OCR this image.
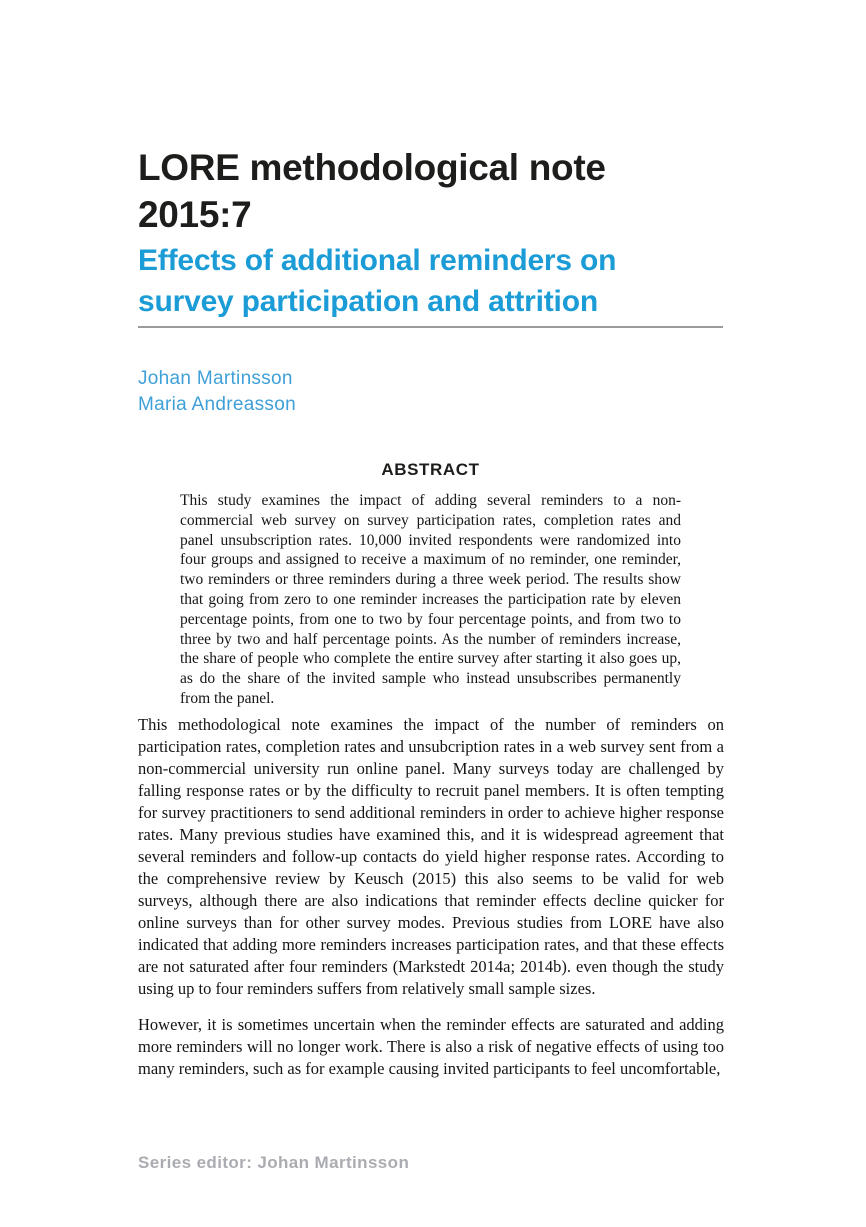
LORE methodological note
2015:7
Effects of additional reminders on
survey participation and attrition
Johan Martinsson
Maria Andreasson
ABSTRACT

This study examines the impact of adding several reminders to a non-commercial web survey on survey participation rates, completion rates and panel unsubscription rates. 10,000 invited respondents were randomized into four groups and assigned to receive a maximum of no reminder, one reminder, two reminders or three reminders during a three week period. The results show that going from zero to one reminder increases the participation rate by eleven percentage points, from one to two by four percentage points, and from two to three by two and half percentage points. As the number of reminders increase, the share of people who complete the entire survey after starting it also goes up, as do the share of the invited sample who instead unsubscribes permanently from the panel.

This methodological note examines the impact of the number of reminders on participation rates, completion rates and unsubcription rates in a web survey sent from a non-commercial university run online panel. Many surveys today are challenged by falling response rates or by the difficulty to recruit panel members. It is often tempting for survey practitioners to send additional reminders in order to achieve higher response rates. Many previous studies have examined this, and it is widespread agreement that several reminders and follow-up contacts do yield higher response rates. According to the comprehensive review by Keusch (2015) this also seems to be valid for web surveys, although there are also indications that reminder effects decline quicker for online surveys than for other survey modes. Previous studies from LORE have also indicated that adding more reminders increases participation rates, and that these effects are not saturated after four reminders (Markstedt 2014a; 2014b). even though the study using up to four reminders suffers from relatively small sample sizes.

However, it is sometimes uncertain when the reminder effects are saturated and adding more reminders will no longer work. There is also a risk of negative effects of using too many reminders, such as for example causing invited participants to feel uncomfortable,

Series editor: Johan Martinsson
